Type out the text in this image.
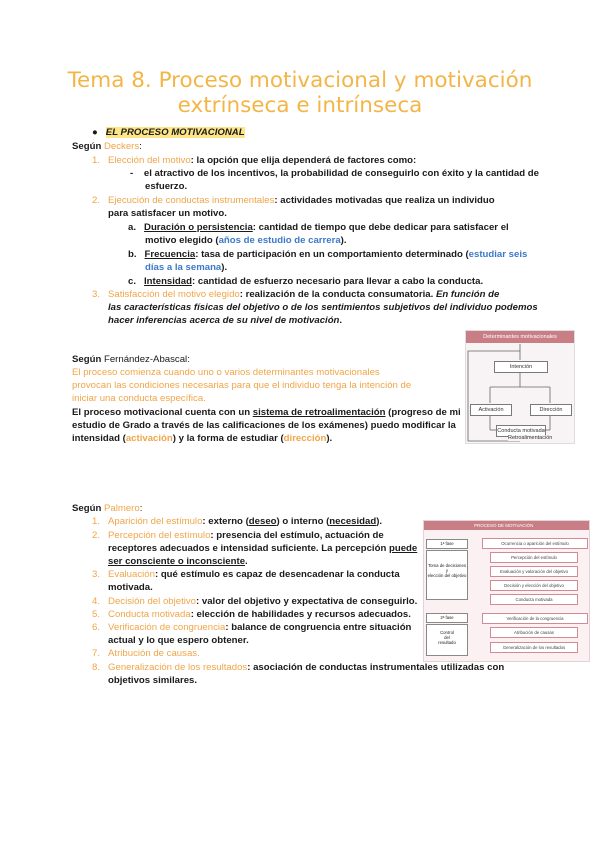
Tema 8. Proceso motivacional y motivación
extrínseca e intrínseca
● EL PROCESO MOTIVACIONAL
Según Deckers:
1. Elección del motivo: la opción que elija dependerá de factores como:
- el atractivo de los incentivos, la probabilidad de conseguirlo con éxito y la cantidad de
esfuerzo.
2. Ejecución de conductas instrumentales: actividades motivadas que realiza un individuo
para satisfacer un motivo.
a. Duración o persistencia: cantidad de tiempo que debe dedicar para satisfacer el
motivo elegido (años de estudio de carrera).
b. Frecuencia: tasa de participación en un comportamiento determinado (estudiar seis
días a la semana).
c. Intensidad: cantidad de esfuerzo necesario para llevar a cabo la conducta.
3. Satisfacción del motivo elegido: realización de la conducta consumatoria. En función de
las características físicas del objetivo o de los sentimientos subjetivos del individuo podemos
hacer inferencias acerca de su nivel de motivación.
Según Fernández-Abascal:
El proceso comienza cuando uno o varios determinantes motivacionales
provocan las condiciones necesarias para que el individuo tenga la intención de
iniciar una conducta específica.
El proceso motivacional cuenta con un sistema de retroalimentación (progreso de mi
estudio de Grado a través de las calificaciones de los exámenes) puedo modificar la
intensidad (activación) y la forma de estudiar (dirección).
Determinantes motivacionales
Intención
Activación	Dirección
Conducta motivada
Retroalimentación
Según Palmero:
1. Aparición del estímulo: externo (deseo) o interno (necesidad).
2. Percepción del estímulo: presencia del estímulo, actuación de
receptores adecuados e intensidad suficiente. La percepción puede
ser consciente o inconsciente.
3. Evaluación: qué estímulo es capaz de desencadenar la conducta
motivada.
4. Decisión del objetivo: valor del objetivo y expectativa de conseguirlo.
5. Conducta motivada: elección de habilidades y recursos adecuados.
6. Verificación de congruencia: balance de congruencia entre situación
actual y lo que espero obtener.
7. Atribución de causas.
8. Generalización de los resultados: asociación de conductas instrumentales utilizadas con
objetivos similares.
PROCESO DE MOTIVACIÓN
1ª fase
Toma de decisiones
y
elección del objetivo
2ª fase
Control
del
resultado
Ocurrencia o aparición del estímulo
Percepción del estímulo
Evaluación y valoración del objetivo
Decisión y elección del objetivo
Conducta motivada
Verificación de la congruencia
Atribución de causas
Generalización de los resultados
